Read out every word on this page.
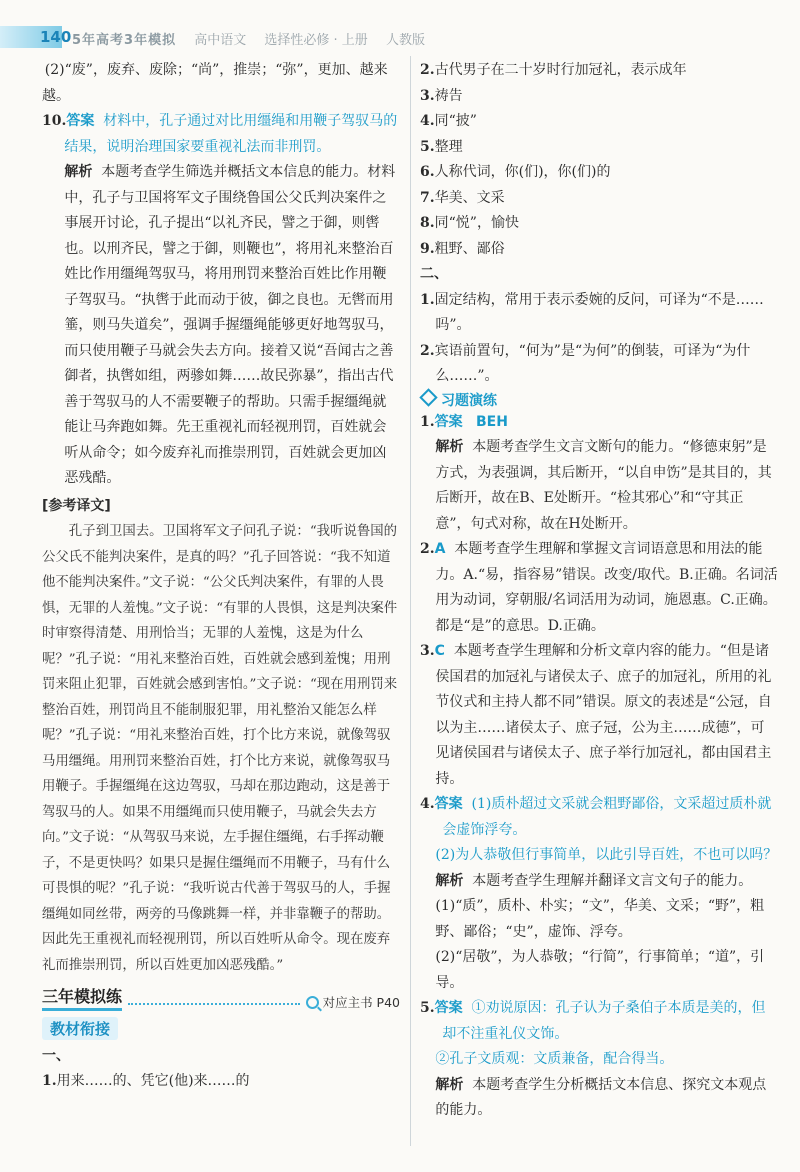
140 5年高考3年模拟 高中语文 选择性必修 · 上册 人教版

(2)“废”，废弃、废除；“尚”，推崇；“弥”，更加、越来越。

10.答案 材料中，孔子通过对比用缰绳和用鞭子驾驭马的结果，说明治理国家要重视礼法而非刑罚。

解析 本题考查学生筛选并概括文本信息的能力。材料中，孔子与卫国将军文子围绕鲁国公父氏判决案件之事展开讨论，孔子提出“以礼齐民，譬之于御，则辔也。以刑齐民，譬之于御，则鞭也”，将用礼来整治百姓比作用缰绳驾驭马，将用刑罚来整治百姓比作用鞭子驾驭马。“执辔于此而动于彼，御之良也。无辔而用箠，则马失道矣”，强调手握缰绳能够更好地驾驭马，而只使用鞭子马就会失去方向。接着又说“吾闻古之善御者，执辔如组，两骖如舞……故民弥暴”，指出古代善于驾驭马的人不需要鞭子的帮助。只需手握缰绳就能让马奔跑如舞。先王重视礼而轻视刑罚，百姓就会听从命令；如今废弃礼而推崇刑罚，百姓就会更加凶恶残酷。

[参考译文]

孔子到卫国去。卫国将军文子问孔子说：“我听说鲁国的公父氏不能判决案件，是真的吗？”孔子回答说：“我不知道他不能判决案件。”文子说：“公父氏判决案件，有罪的人畏惧，无罪的人羞愧。”文子说：“有罪的人畏惧，这是判决案件时审察得清楚、用刑恰当；无罪的人羞愧，这是为什么呢？”孔子说：“用礼来整治百姓，百姓就会感到羞愧；用刑罚来阻止犯罪，百姓就会感到害怕。”文子说：“现在用刑罚来整治百姓，刑罚尚且不能制服犯罪，用礼整治又能怎么样呢？”孔子说：“用礼来整治百姓，打个比方来说，就像驾驭马用缰绳。用刑罚来整治百姓，打个比方来说，就像驾驭马用鞭子。手握缰绳在这边驾驭，马却在那边跑动，这是善于驾驭马的人。如果不用缰绳而只使用鞭子，马就会失去方向。”文子说：“从驾驭马来说，左手握住缰绳，右手挥动鞭子，不是更快吗？如果只是握住缰绳而不用鞭子，马有什么可畏惧的呢？”孔子说：“我听说古代善于驾驭马的人，手握缰绳如同丝带，两旁的马像跳舞一样，并非靠鞭子的帮助。因此先王重视礼而轻视刑罚，所以百姓听从命令。现在废弃礼而推崇刑罚，所以百姓更加凶恶残酷。”

三年模拟练	对应主书 P40
教材衔接

一、

1.用来……的、凭它(他)来……的

2.古代男子在二十岁时行加冠礼，表示成年

3.祷告

4.同“披”

5.整理

6.人称代词，你(们)，你(们)的

7.华美、文采

8.同“悦”，愉快

9.粗野、鄙俗

二、

1.固定结构，常用于表示委婉的反问，可译为“不是……吗”。

2.宾语前置句，“何为”是“为何”的倒装，可译为“为什么……”。

习题演练

1.答案 BEH

解析 本题考查学生文言文断句的能力。“修德束躬”是方式，为表强调，其后断开，“以自申饬”是其目的，其后断开，故在B、E处断开。“检其邪心”和“守其正意”，句式对称，故在H处断开。

2.A 本题考查学生理解和掌握文言词语意思和用法的能力。A.“易，指容易”错误。改变/取代。B.正确。名词活用为动词，穿朝服/名词活用为动词，施恩惠。C.正确。都是“是”的意思。D.正确。

3.C 本题考查学生理解和分析文章内容的能力。“但是诸侯国君的加冠礼与诸侯太子、庶子的加冠礼，所用的礼节仪式和主持人都不同”错误。原文的表述是“公冠，自以为主……诸侯太子、庶子冠，公为主……成德”，可见诸侯国君与诸侯太子、庶子举行加冠礼，都由国君主持。

4.答案 (1)质朴超过文采就会粗野鄙俗，文采超过质朴就会虚饰浮夸。

(2)为人恭敬但行事简单，以此引导百姓，不也可以吗？

解析 本题考查学生理解并翻译文言文句子的能力。

(1)“质”，质朴、朴实；“文”，华美、文采；“野”，粗野、鄙俗；“史”，虚饰、浮夸。

(2)“居敬”，为人恭敬；“行简”，行事简单；“道”，引导。

5.答案 ①劝说原因：孔子认为子桑伯子本质是美的，但却不注重礼仪文饰。

②孔子文质观：文质兼备，配合得当。

解析 本题考查学生分析概括文本信息、探究文本观点的能力。
